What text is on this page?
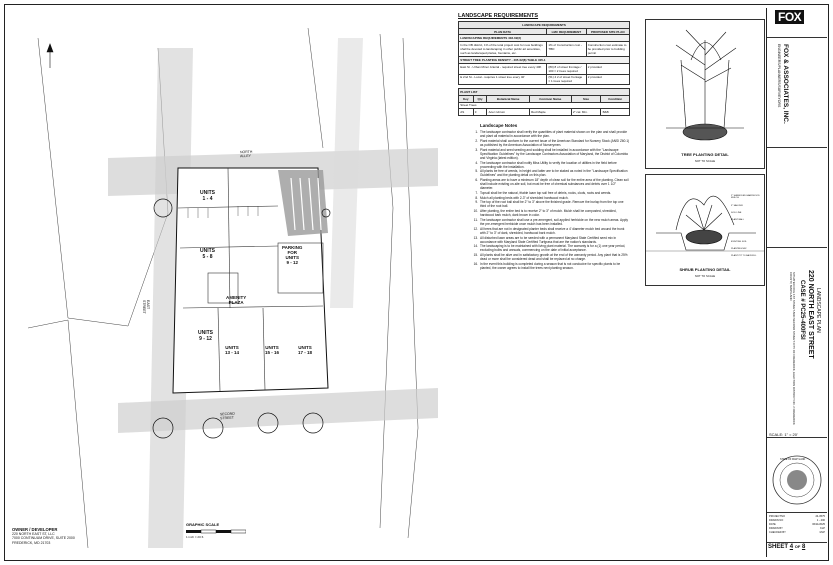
UNITS
1 - 4
UNITS
5 - 8
PARKING
FOR
UNITS
9 - 12
UNITS
9 - 12
UNITS
13 - 14
UNITS
15 - 16
UNITS
17 - 18
AMENITY
PLAZA
NORTH ALLEY
SECOND STREET
EAST STREET
OWNER / DEVELOPER
220 NORTH EAST ST, LLC
7000 CONTINUUM DRIVE, SUITE 2000
FREDERICK, MD 21703
GRAPHIC SCALE
1 inch = 20 ft.
LANDSCAPE REQUIREMENTS
LANDSCAPE REQUIREMENTS		
PLAN DATA	LMC REQUIREMENT	PROPOSED SITE PLAN
LANDSCAPING REQUIREMENTS 403-02(2)		
In the OB district, 1% of the total project cost for new buildings shall be devoted to landscaping in other public art amenities, such as landscaped plazas, fountains, etc.	1% of Construction cost - TBD	Construction cost estimate to be provided prior to building permit
STREET TREE PLANTING DENSITY - 405-02(8) TABLE 405-1		
East St - Urban Minor Arterial - required street tree every 40ft	(80) 8 of street frontage / 100 = 2 trees required	2 provided
E 2nd St - Local - requires 1 street tree every 40'	(51) 4 2 of street frontage = 1 trees required	2 provided
PLANT LIST					
Key	Qty	Botanical Name	Common Name	Size	Condition
Street Trees					
AS	3	Acer rubrum	Red Maple	2" cal. Min.	B&B
Landscape Notes
1. The landscape contractor shall verify the quantities of plant material shown on the plan and shall provide and plant all material in accordance with the plan.
2. Plant material shall conform to the current issue of the American Standard for Nursery Stock (ANSI Z60.1) as published by the American Association of Nurserymen.
3. Plant material and seed seeding and sodding shall be installed in accordance with the "Landscape Specification Guidelines" by the Landscape Contractors Association of Maryland, the District of Columbia and Virginia (latest edition).
4. The landscape contractor shall notify Miss Utility to verify the location of utilities in the field before proceeding with the installation.
5. All plants be free of weeds, in height and latter are to be staked as noted in the "Landscape Specification Guidelines" and the planting detail on this plan.
6. Planting areas are to have a minimum 18" depth of clean soil for the entire area of the planting. Clean soil shall include existing on-site soil, but must be free of chemical substances and debris over 1 1/2" diameter.
7. Topsoil shall be the natural, friable loam top soil free of debris, rocks, clods, roots and weeds.
8. Mulch all planting beds with 2-3" of shredded hardwood mulch.
9. The top of the root ball shall be 2" to 3" above the finished grade. Remove the burlap from the top one third of the root ball.
10. After planting, the entire bed is to receive 2" to 3" of mulch. Mulch shall be composted, shredded, hardwood bark mulch, dark brown in color.
11. The landscape contractor shall use a pre-emergent, soil applied herbicide on the new mulch areas. Apply the pre-emergent herbicide once mulch has been installed.
12. All trees that are not in designated planter beds shall receive a 4' diameter mulch bed around the trunk with 2" to 3" of dark, shredded, hardwood bark mulch.
13. All disturbed lawn areas are to be seeded with a permanent Maryland State Certified seed mix in accordance with Maryland State Certified Turfgrass that are the nation's standards.
14. The landscaping is to be maintained with living plant material. The warranty is for a (1) one year period, excluding bulbs and annuals, commencing on the date of initial acceptance.
15. All plants shall be alive and in satisfactory growth at the end of the warranty period. Any plant that is 25% dead or more shall be considered dead and shall be replaced at no charge.
16. In the event this building is completed during a season that is not conducive for specific plants to be planted, the owner agrees to install the trees next planting season.
TREE PLANTING DETAIL
NOT TO SCALE
2" SHREDDED HARDWOOD MULCH
3" SAUCER
SOIL LINE
PLANT BALL
EXISTING SOIL
PLANTING MIX
PLANT PIT TO BACKFILL
SHRUB PLANTING DETAIL
NOT TO SCALE
FOX
FOX & ASSOCIATES, INC.
ENGINEERS/PLANNERS/SURVEYORS
LANDSCAPE PLAN
220 NORTH EAST STREET
CASE # PC25-400FSI
SITUATED ON E 1ST STREET AND SECOND STREET CITY OF FREDERICK, ELECTION DISTRICT NO. 2 FREDERICK COUNTY, MARYLAND
SCALE: 1" = 20'
STATE OF MARYLAND
PROJECTNO	24-0575
DRAWN NO	1 - 400
DATE	06/11/2025
DRAWN BY	KLP
CHECKED BY	MLP
SHEET 4 OF 8
